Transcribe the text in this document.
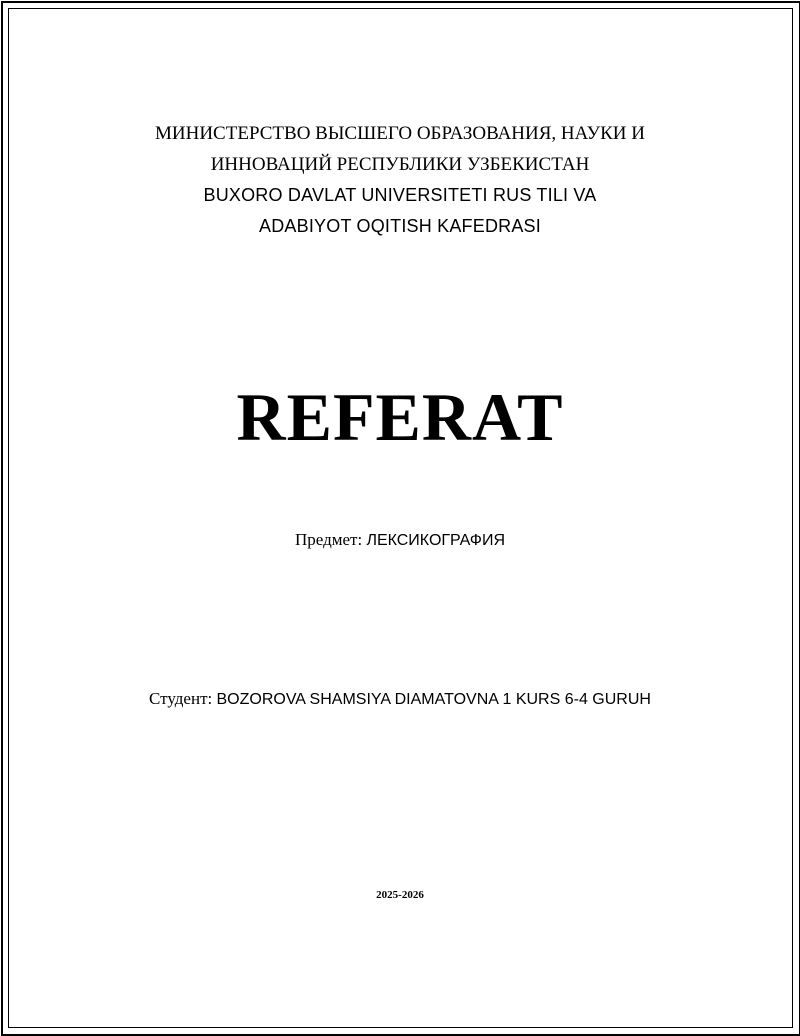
МИНИСТЕРСТВО ВЫСШЕГО ОБРАЗОВАНИЯ, НАУКИ И
ИННОВАЦИЙ РЕСПУБЛИКИ УЗБЕКИСТАН
BUXORO DAVLAT UNIVERSITETI RUS TILI VA
ADABIYOT OQITISH KAFEDRASI
REFERAT
Предмет: ЛЕКСИКОГРАФИЯ
Студент: BOZOROVA SHAMSIYA DIAMATOVNA 1 KURS 6-4 GURUH
2025-2026
